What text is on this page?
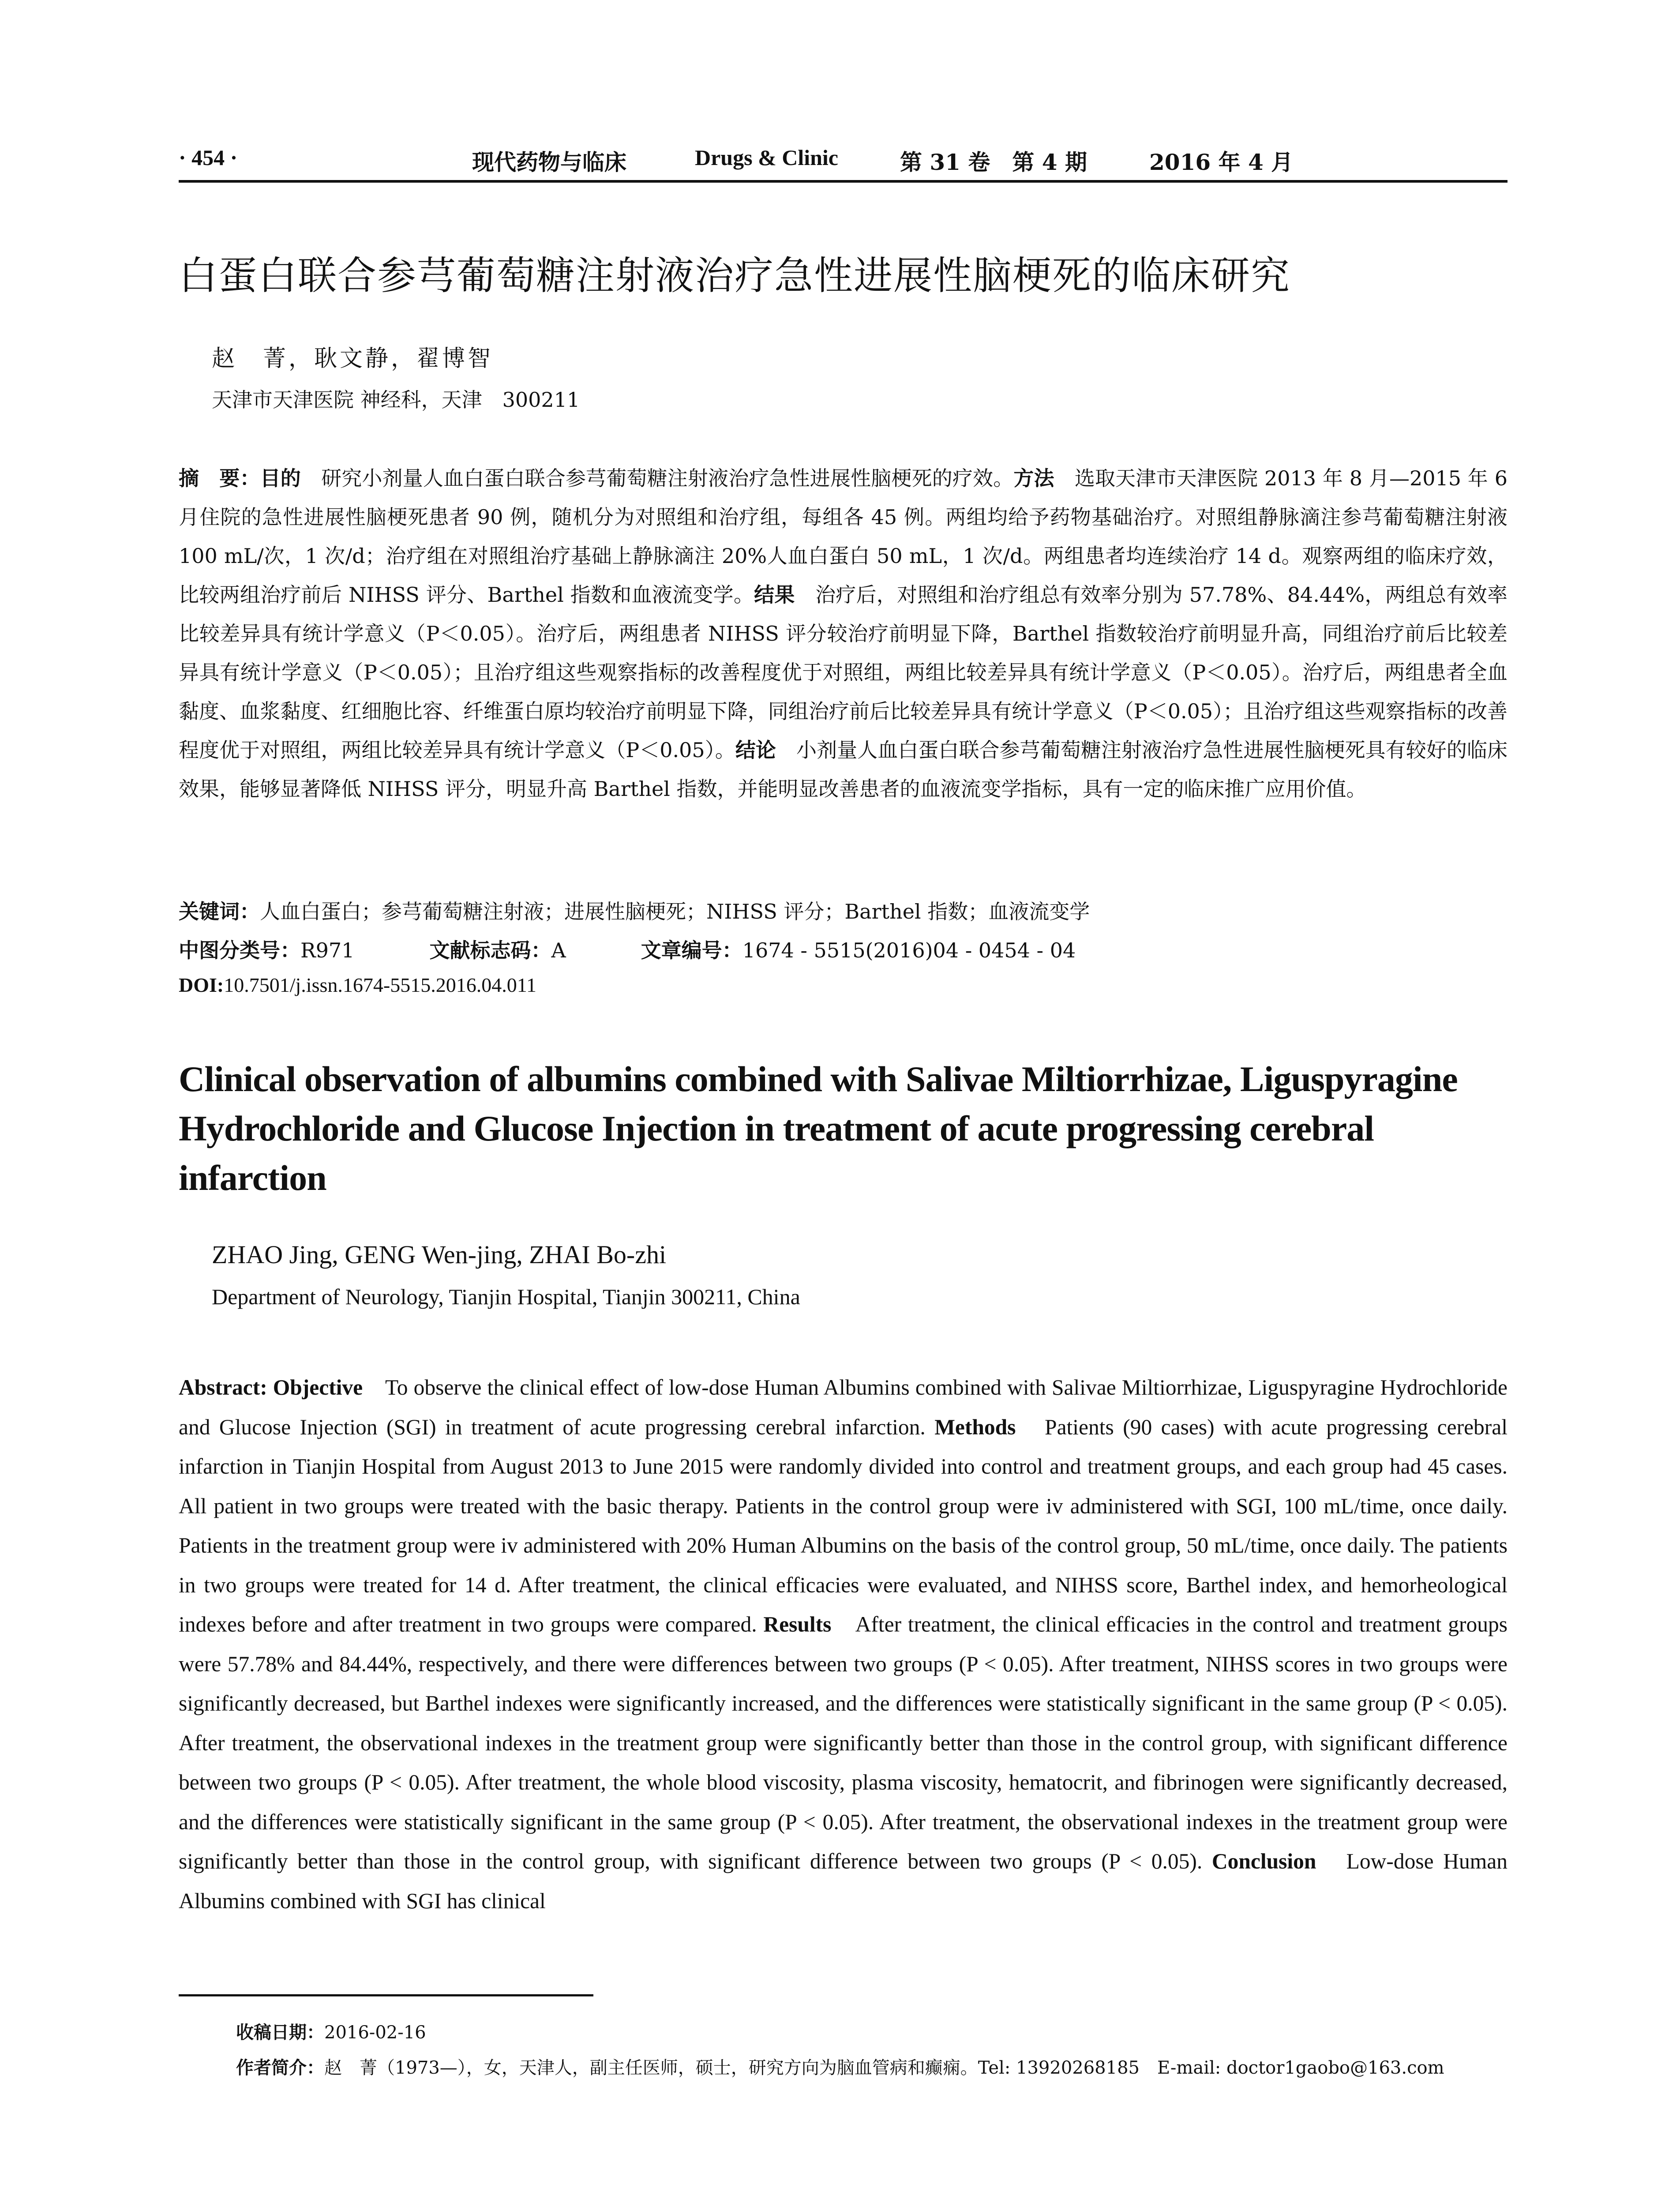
· 454 ·	现代药物与临床	Drugs & Clinic	第 31 卷　第 4 期	2016 年 4 月
白蛋白联合参芎葡萄糖注射液治疗急性进展性脑梗死的临床研究
赵　菁，耿文静，翟博智
天津市天津医院 神经科，天津　300211
摘　要：目的　研究小剂量人血白蛋白联合参芎葡萄糖注射液治疗急性进展性脑梗死的疗效。方法　选取天津市天津医院 2013 年 8 月—2015 年 6 月住院的急性进展性脑梗死患者 90 例，随机分为对照组和治疗组，每组各 45 例。两组均给予药物基础治疗。对照组静脉滴注参芎葡萄糖注射液 100 mL/次，1 次/d；治疗组在对照组治疗基础上静脉滴注 20%人血白蛋白 50 mL，1 次/d。两组患者均连续治疗 14 d。观察两组的临床疗效，比较两组治疗前后 NIHSS 评分、Barthel 指数和血液流变学。结果　治疗后，对照组和治疗组总有效率分别为 57.78%、84.44%，两组总有效率比较差异具有统计学意义（P＜0.05）。治疗后，两组患者 NIHSS 评分较治疗前明显下降，Barthel 指数较治疗前明显升高，同组治疗前后比较差异具有统计学意义（P＜0.05）；且治疗组这些观察指标的改善程度优于对照组，两组比较差异具有统计学意义（P＜0.05）。治疗后，两组患者全血黏度、血浆黏度、红细胞比容、纤维蛋白原均较治疗前明显下降，同组治疗前后比较差异具有统计学意义（P＜0.05）；且治疗组这些观察指标的改善程度优于对照组，两组比较差异具有统计学意义（P＜0.05）。结论　小剂量人血白蛋白联合参芎葡萄糖注射液治疗急性进展性脑梗死具有较好的临床效果，能够显著降低 NIHSS 评分，明显升高 Barthel 指数，并能明显改善患者的血液流变学指标，具有一定的临床推广应用价值。
关键词：人血白蛋白；参芎葡萄糖注射液；进展性脑梗死；NIHSS 评分；Barthel 指数；血液流变学
中图分类号：R971	文献标志码：A	文章编号：1674 - 5515(2016)04 - 0454 - 04
DOI:10.7501/j.issn.1674-5515.2016.04.011
Clinical observation of albumins combined with Salivae Miltiorrhizae, Liguspyragine Hydrochloride and Glucose Injection in treatment of acute progressing cerebral infarction
ZHAO Jing, GENG Wen-jing, ZHAI Bo-zhi
Department of Neurology, Tianjin Hospital, Tianjin 300211, China
Abstract: Objective　To observe the clinical effect of low-dose Human Albumins combined with Salivae Miltiorrhizae, Liguspyragine Hydrochloride and Glucose Injection (SGI) in treatment of acute progressing cerebral infarction. Methods　Patients (90 cases) with acute progressing cerebral infarction in Tianjin Hospital from August 2013 to June 2015 were randomly divided into control and treatment groups, and each group had 45 cases. All patient in two groups were treated with the basic therapy. Patients in the control group were iv administered with SGI, 100 mL/time, once daily. Patients in the treatment group were iv administered with 20% Human Albumins on the basis of the control group, 50 mL/time, once daily. The patients in two groups were treated for 14 d. After treatment, the clinical efficacies were evaluated, and NIHSS score, Barthel index, and hemorheological indexes before and after treatment in two groups were compared. Results　After treatment, the clinical efficacies in the control and treatment groups were 57.78% and 84.44%, respectively, and there were differences between two groups (P < 0.05). After treatment, NIHSS scores in two groups were significantly decreased, but Barthel indexes were significantly increased, and the differences were statistically significant in the same group (P < 0.05). After treatment, the observational indexes in the treatment group were significantly better than those in the control group, with significant difference between two groups (P < 0.05). After treatment, the whole blood viscosity, plasma viscosity, hematocrit, and fibrinogen were significantly decreased, and the differences were statistically significant in the same group (P < 0.05). After treatment, the observational indexes in the treatment group were significantly better than those in the control group, with significant difference between two groups (P < 0.05). Conclusion　Low-dose Human Albumins combined with SGI has clinical
收稿日期：2016-02-16
作者简介：赵　菁（1973—），女，天津人，副主任医师，硕士，研究方向为脑血管病和癫痫。Tel: 13920268185　E-mail: doctor1gaobo@163.com
